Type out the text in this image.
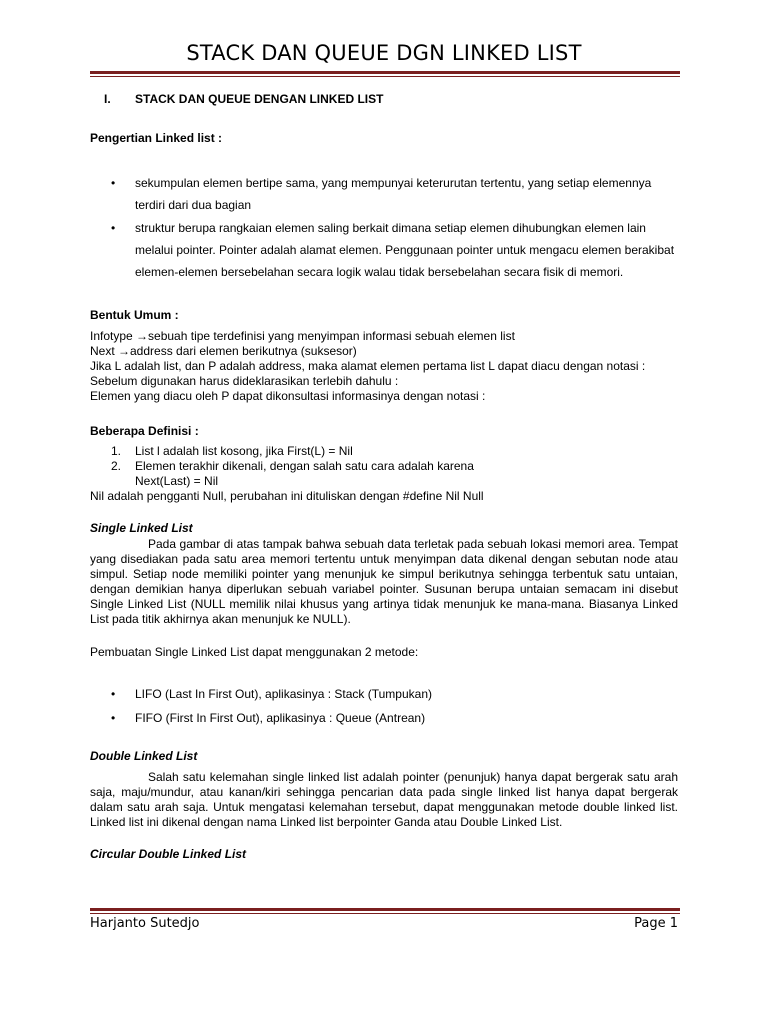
STACK DAN QUEUE DGN LINKED LIST
I. STACK DAN QUEUE DENGAN LINKED LIST
Pengertian Linked list :
• sekumpulan elemen bertipe sama, yang mempunyai keterurutan tertentu, yang setiap elemennya terdiri dari dua bagian
• struktur berupa rangkaian elemen saling berkait dimana setiap elemen dihubungkan elemen lain melalui pointer. Pointer adalah alamat elemen. Penggunaan pointer untuk mengacu elemen berakibat elemen-elemen bersebelahan secara logik walau tidak bersebelahan secara fisik di memori.
Bentuk Umum :
Infotype →sebuah tipe terdefinisi yang menyimpan informasi sebuah elemen list
Next →address dari elemen berikutnya (suksesor)
Jika L adalah list, dan P adalah address, maka alamat elemen pertama list L dapat diacu dengan notasi :
Sebelum digunakan harus dideklarasikan terlebih dahulu :
Elemen yang diacu oleh P dapat dikonsultasi informasinya dengan notasi :
Beberapa Definisi :
1. List l adalah list kosong, jika First(L) = Nil
2. Elemen terakhir dikenali, dengan salah satu cara adalah karena
Next(Last) = Nil
Nil adalah pengganti Null, perubahan ini dituliskan dengan #define Nil Null
Single Linked List
Pada gambar di atas tampak bahwa sebuah data terletak pada sebuah lokasi memori area. Tempat yang disediakan pada satu area memori tertentu untuk menyimpan data dikenal dengan sebutan node atau simpul. Setiap node memiliki pointer yang menunjuk ke simpul berikutnya sehingga terbentuk satu untaian, dengan demikian hanya diperlukan sebuah variabel pointer. Susunan berupa untaian semacam ini disebut Single Linked List (NULL memilik nilai khusus yang artinya tidak menunjuk ke mana-mana. Biasanya Linked List pada titik akhirnya akan menunjuk ke NULL).
Pembuatan Single Linked List dapat menggunakan 2 metode:
• LIFO (Last In First Out), aplikasinya : Stack (Tumpukan)
• FIFO (First In First Out), aplikasinya : Queue (Antrean)
Double Linked List
Salah satu kelemahan single linked list adalah pointer (penunjuk) hanya dapat bergerak satu arah saja, maju/mundur, atau kanan/kiri sehingga pencarian data pada single linked list hanya dapat bergerak dalam satu arah saja. Untuk mengatasi kelemahan tersebut, dapat menggunakan metode double linked list. Linked list ini dikenal dengan nama Linked list berpointer Ganda atau Double Linked List.
Circular Double Linked List
Harjanto Sutedjo	Page 1
